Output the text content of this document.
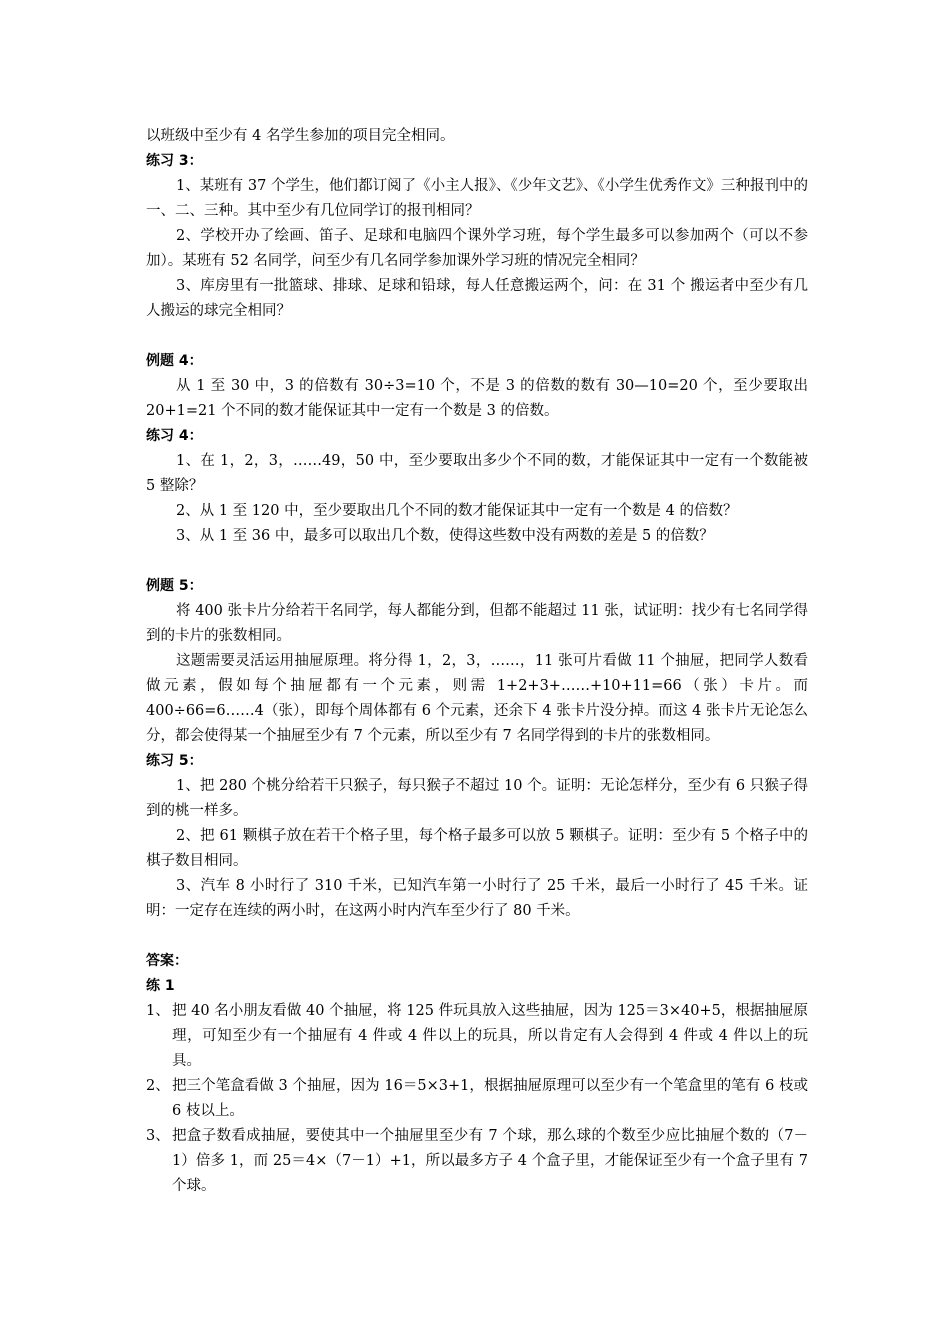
以班级中至少有 4 名学生参加的项目完全相同。

练习 3：

1、某班有 37 个学生，他们都订阅了《小主人报》、《少年文艺》、《小学生优秀作文》三种报刊中的一、二、三种。其中至少有几位同学订的报刊相同？

2、学校开办了绘画、笛子、足球和电脑四个课外学习班，每个学生最多可以参加两个（可以不参加）。某班有 52 名同学，问至少有几名同学参加课外学习班的情况完全相同？

3、库房里有一批篮球、排球、足球和铅球，每人任意搬运两个，问：在 31 个 搬运者中至少有几人搬运的球完全相同？

例题 4：

从 1 至 30 中，3 的倍数有 30÷3=10 个，不是 3 的倍数的数有 30—10=20 个，至少要取出 20+1=21 个不同的数才能保证其中一定有一个数是 3 的倍数。

练习 4：

1、在 1，2，3，……49，50 中，至少要取出多少个不同的数，才能保证其中一定有一个数能被 5 整除？

2、从 1 至 120 中，至少要取出几个不同的数才能保证其中一定有一个数是 4 的倍数？

3、从 1 至 36 中，最多可以取出几个数，使得这些数中没有两数的差是 5 的倍数？

例题 5：

将 400 张卡片分给若干名同学，每人都能分到，但都不能超过 11 张，试证明：找少有七名同学得到的卡片的张数相同。

这题需要灵活运用抽屉原理。将分得 1，2，3，……，11 张可片看做 11 个抽屉，把同学人数看做元素，假如每个抽屉都有一个元素，则需 1+2+3+……+10+11=66（张）卡片。而 400÷66=6……4（张），即每个周体都有 6 个元素，还余下 4 张卡片没分掉。而这 4 张卡片无论怎么分，都会使得某一个抽屉至少有 7 个元素，所以至少有 7 名同学得到的卡片的张数相同。

练习 5：

1、把 280 个桃分给若干只猴子，每只猴子不超过 10 个。证明：无论怎样分，至少有 6 只猴子得到的桃一样多。

2、把 61 颗棋子放在若干个格子里，每个格子最多可以放 5 颗棋子。证明：至少有 5 个格子中的棋子数目相同。

3、汽车 8 小时行了 310 千米，已知汽车第一小时行了 25 千米，最后一小时行了 45 千米。证明：一定存在连续的两小时，在这两小时内汽车至少行了 80 千米。

答案：

练 1

1、 把 40 名小朋友看做 40 个抽屉，将 125 件玩具放入这些抽屉，因为 125＝3×40+5，根据抽屉原理，可知至少有一个抽屉有 4 件或 4 件以上的玩具，所以肯定有人会得到 4 件或 4 件以上的玩具。
2、 把三个笔盒看做 3 个抽屉，因为 16＝5×3+1，根据抽屉原理可以至少有一个笔盒里的笔有 6 枝或 6 枝以上。
3、 把盒子数看成抽屉，要使其中一个抽屉里至少有 7 个球，那么球的个数至少应比抽屉个数的（7－1）倍多 1，而 25＝4×（7－1）+1，所以最多方子 4 个盒子里，才能保证至少有一个盒子里有 7 个球。
